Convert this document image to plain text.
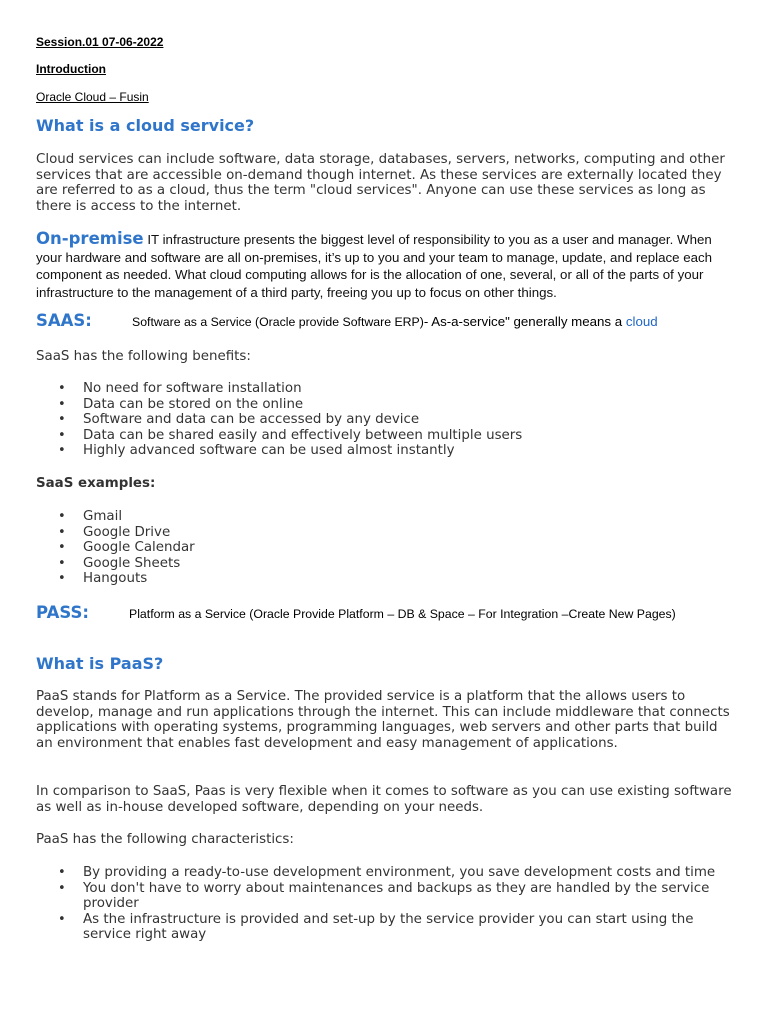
Session.01 07-06-2022
Introduction
Oracle Cloud – Fusin
What is a cloud service?
Cloud services can include software, data storage, databases, servers, networks, computing and other services that are accessible on-demand though internet. As these services are externally located they are referred to as a cloud, thus the term "cloud services". Anyone can use these services as long as there is access to the internet.
On-premise IT infrastructure presents the biggest level of responsibility to you as a user and manager. When your hardware and software are all on-premises, it’s up to you and your team to manage, update, and replace each component as needed. What cloud computing allows for is the allocation of one, several, or all of the parts of your infrastructure to the management of a third party, freeing you up to focus on other things.
SAAS:	Software as a Service (Oracle provide Software ERP)- As-a-service" generally means a cloud
SaaS has the following benefits:
• No need for software installation
• Data can be stored on the online
• Software and data can be accessed by any device
• Data can be shared easily and effectively between multiple users
• Highly advanced software can be used almost instantly
SaaS examples:
• Gmail
• Google Drive
• Google Calendar
• Google Sheets
• Hangouts
PASS:	Platform as a Service (Oracle Provide Platform – DB & Space – For Integration –Create New Pages)
What is PaaS?
PaaS stands for Platform as a Service. The provided service is a platform that the allows users to develop, manage and run applications through the internet. This can include middleware that connects applications with operating systems, programming languages, web servers and other parts that build an environment that enables fast development and easy management of applications.
In comparison to SaaS, Paas is very flexible when it comes to software as you can use existing software as well as in-house developed software, depending on your needs.
PaaS has the following characteristics:
• By providing a ready-to-use development environment, you save development costs and time
• You don't have to worry about maintenances and backups as they are handled by the service provider
• As the infrastructure is provided and set-up by the service provider you can start using the service right away
